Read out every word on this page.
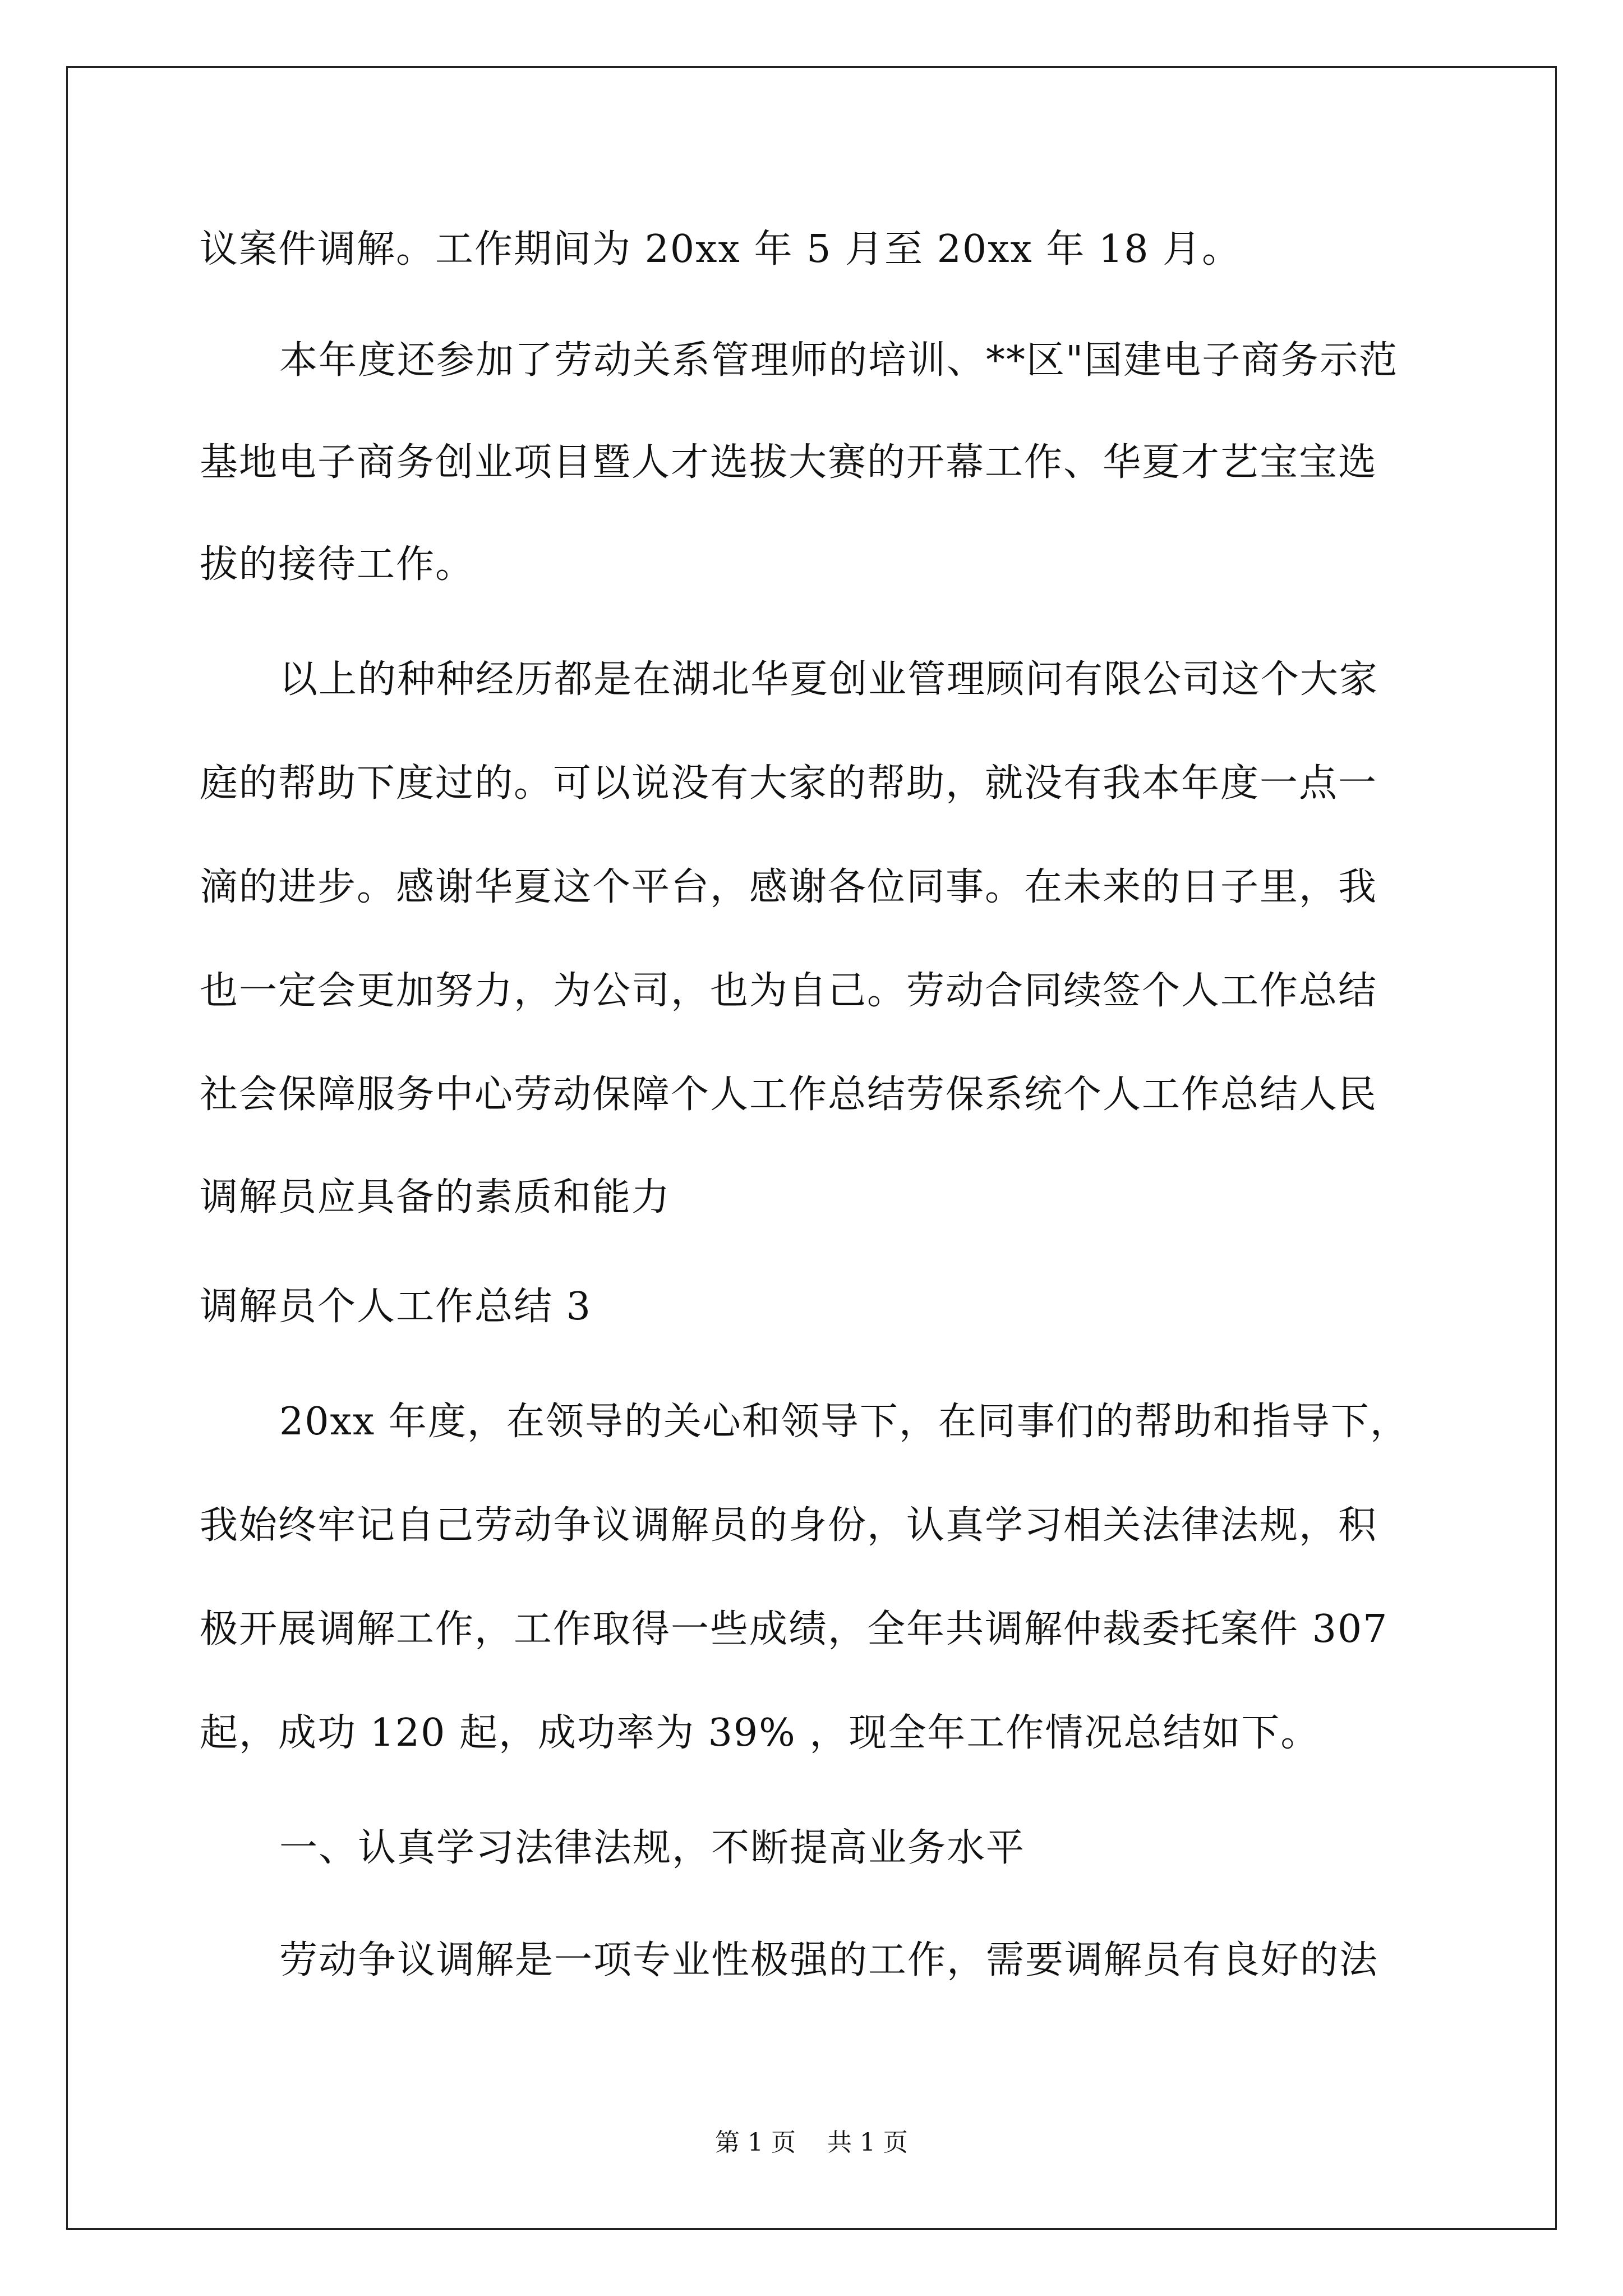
议案件调解。工作期间为 20xx 年 5 月至 20xx 年 18 月。

本年度还参加了劳动关系管理师的培训、**区"国建电子商务示范

基地电子商务创业项目暨人才选拔大赛的开幕工作、华夏才艺宝宝选

拔的接待工作。

以上的种种经历都是在湖北华夏创业管理顾问有限公司这个大家

庭的帮助下度过的。可以说没有大家的帮助，就没有我本年度一点一

滴的进步。感谢华夏这个平台，感谢各位同事。在未来的日子里，我

也一定会更加努力，为公司，也为自己。劳动合同续签个人工作总结

社会保障服务中心劳动保障个人工作总结劳保系统个人工作总结人民

调解员应具备的素质和能力

调解员个人工作总结 3

20xx 年度，在领导的关心和领导下，在同事们的帮助和指导下，

我始终牢记自己劳动争议调解员的身份，认真学习相关法律法规，积

极开展调解工作，工作取得一些成绩，全年共调解仲裁委托案件 307

起，成功 120 起，成功率为 39% ，现全年工作情况总结如下。

一、认真学习法律法规，不断提高业务水平

劳动争议调解是一项专业性极强的工作，需要调解员有良好的法

第 1 页    共 1 页
